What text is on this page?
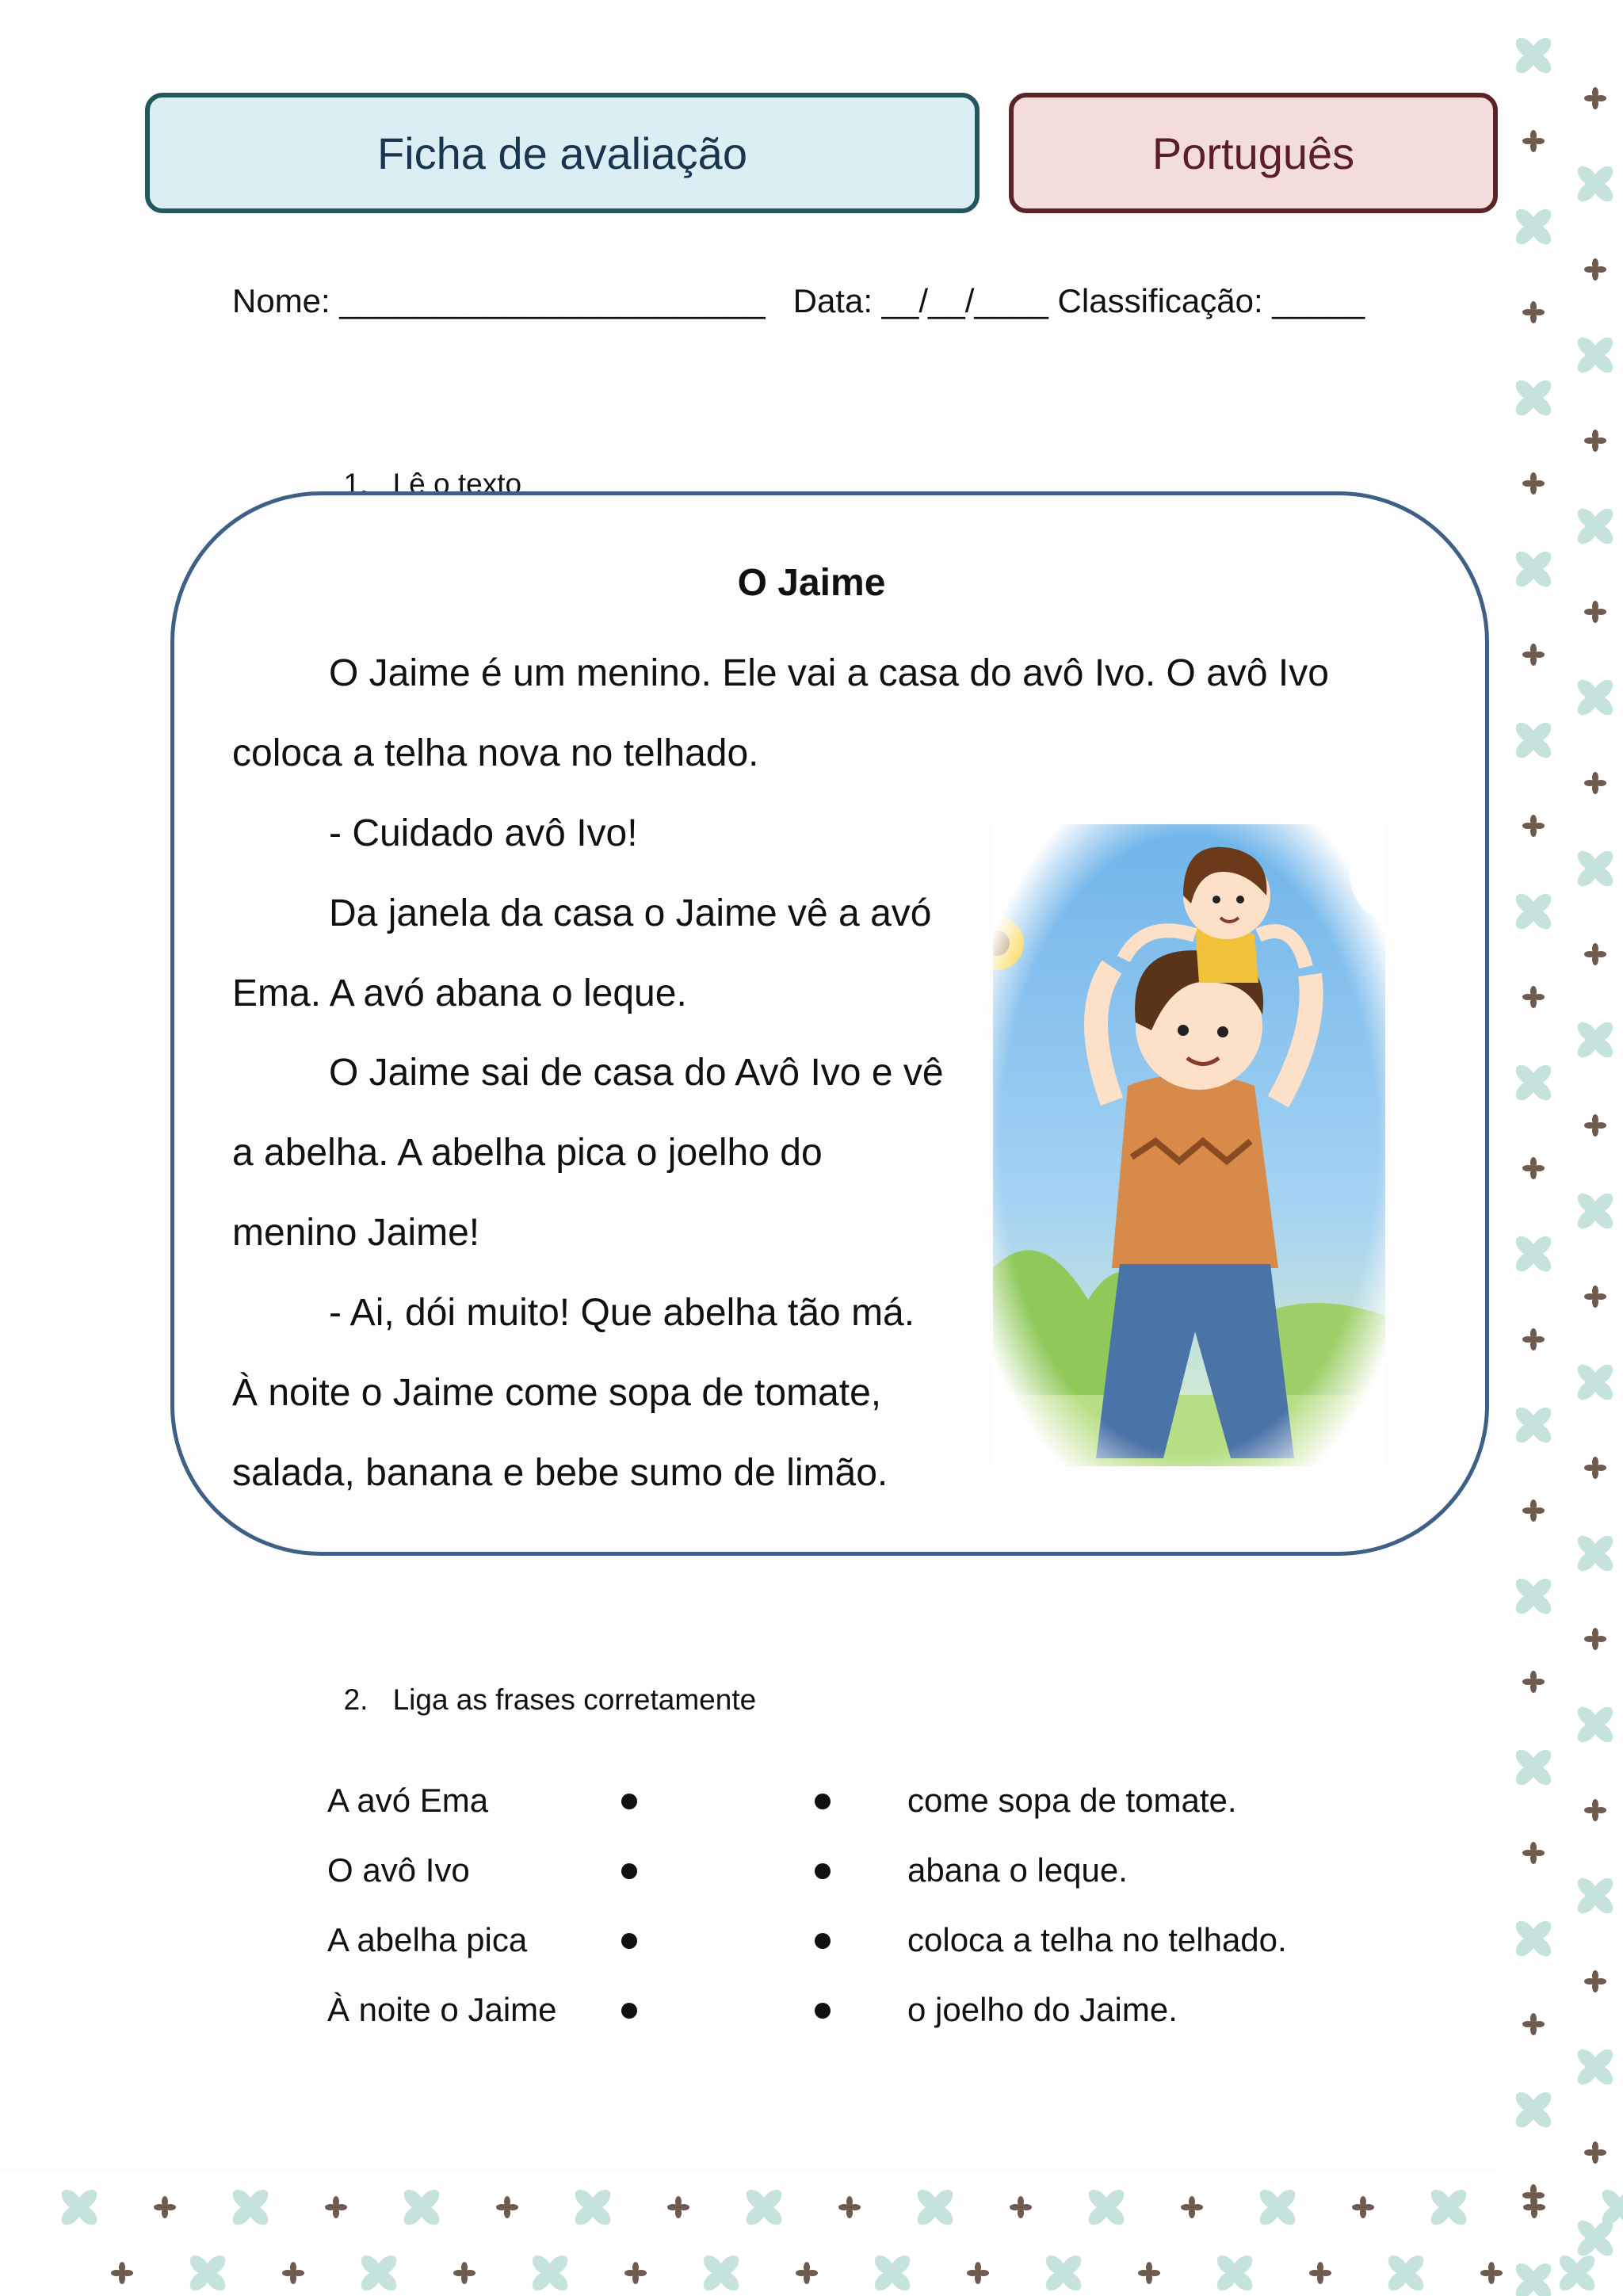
Ficha de avaliação	Português
Nome: _______________________   Data: __/__/____ Classificação: _____

1. Lê o texto

O Jaime
O Jaime é um menino. Ele vai a casa do avô Ivo. O avô Ivo
coloca a telha nova no telhado.
- Cuidado avô Ivo!
Da janela da casa o Jaime vê a avó
Ema. A avó abana o leque.
O Jaime sai de casa do Avô Ivo e vê
a abelha. A abelha pica o joelho do
menino Jaime!
- Ai, dói muito! Que abelha tão má.
À noite o Jaime come sopa de tomate,
salada, banana e bebe sumo de limão.

2. Liga as frases corretamente

A avó Ema
O avô Ivo
A abelha pica
À noite o Jaime
come sopa de tomate.
abana o leque.
coloca a telha no telhado.
o joelho do Jaime.
